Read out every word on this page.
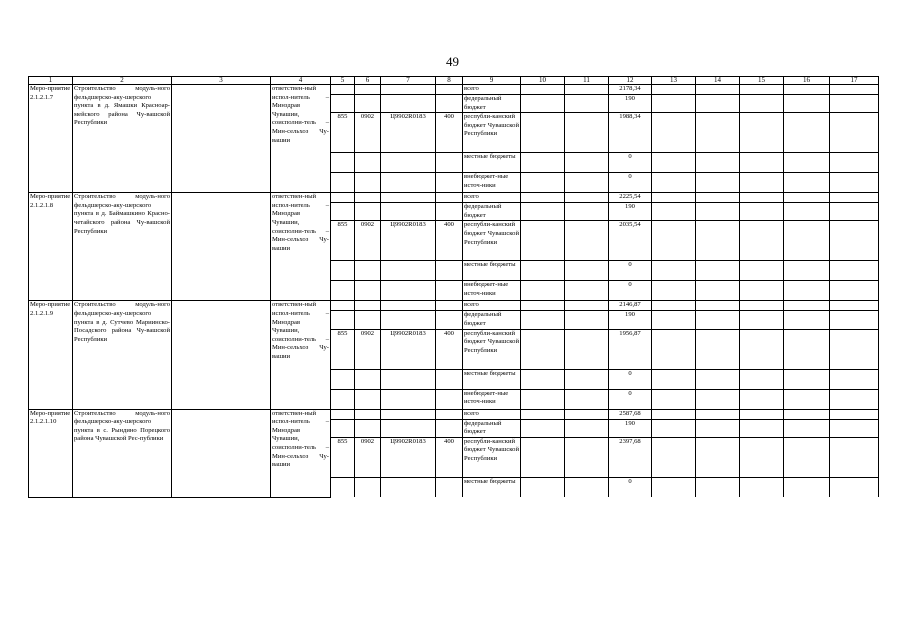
49
1	2	3	4	5	6	7	8	9	10	11	12	13	14	15	16	17
Меро-приятие 2.1.2.1.7	Строительство модуль-ного фельдшерско-аку-шерского пункта в д. Ямашки Красноар-мейского района Чу-вашской Республики		ответствен-ный испол-нитель – Минздрав Чувашии, соисполни-тель – Мин-сельхоз Чу-вашии					всего			2178,34					
								федеральный бюджет			190					
				855	0902	Ц9902R0183	400	республи-канский бюджет Чувашской Республики			1988,34					
								местные бюджеты			0					
								внебюджет-ные источ-ники			0					
Меро-приятие 2.1.2.1.8	Строительство модуль-ного фельдшерско-аку-шерского пункта в д. Баймашкино Красно-четайского района Чу-вашской Республики		ответствен-ный испол-нитель – Минздрав Чувашии, соисполни-тель – Мин-сельхоз Чу-вашии					всего			2225,54					
								федеральный бюджет			190					
				855	0902	Ц9902R0183	400	республи-канский бюджет Чувашской Республики			2035,54					
								местные бюджеты			0					
								внебюджет-ные источ-ники			0					
Меро-приятие 2.1.2.1.9	Строительство модуль-ного фельдшерско-аку-шерского пункта в д. Сутчево Мариинско-Посадского района Чу-вашской Республики		ответствен-ный испол-нитель – Минздрав Чувашии, соисполни-тель – Мин-сельхоз Чу-вашии					всего			2146,87					
								федеральный бюджет			190					
				855	0902	Ц9902R0183	400	республи-канский бюджет Чувашской Республики			1956,87					
								местные бюджеты			0					
								внебюджет-ные источ-ники			0					
Меро-приятие 2.1.2.1.10	Строительство модуль-ного фельдшерско-аку-шерского пункта в с. Рындино Порецкого района Чувашской Рес-публики		ответствен-ный испол-нитель – Минздрав Чувашии, соисполни-тель – Мин-сельхоз Чу-вашии					всего			2587,68					
								федеральный бюджет			190					
				855	0902	Ц9902R0183	400	республи-канский бюджет Чувашской Республики			2397,68					
								местные бюджеты			0					
